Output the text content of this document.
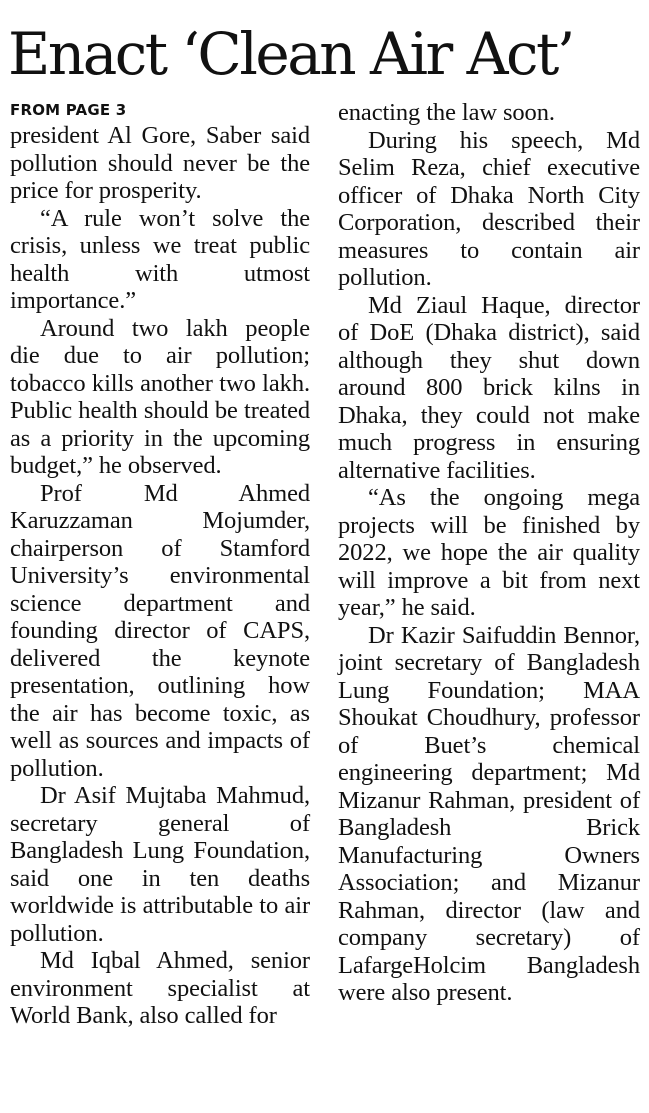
Enact ‘Clean Air Act’
FROM PAGE 3

president Al Gore, Saber said pollution should never be the price for prosperity.

“A rule won’t solve the crisis, unless we treat public health with utmost importance.”

Around two lakh people die due to air pollution; tobacco kills another two lakh. Public health should be treated as a priority in the upcoming budget,” he observed.

Prof Md Ahmed Karuzzaman Mojumder, chairperson of Stamford University’s environmental science department and founding director of CAPS, delivered the keynote presentation, outlining how the air has become toxic, as well as sources and impacts of pollution.

Dr Asif Mujtaba Mahmud, secretary general of Bangladesh Lung Foundation, said one in ten deaths worldwide is attributable to air pollution.

Md Iqbal Ahmed, senior environment specialist at World Bank, also called for

enacting the law soon.

During his speech, Md Selim Reza, chief executive officer of Dhaka North City Corporation, described their measures to contain air pollution.

Md Ziaul Haque, director of DoE (Dhaka district), said although they shut down around 800 brick kilns in Dhaka, they could not make much progress in ensuring alternative facilities.

“As the ongoing mega projects will be finished by 2022, we hope the air quality will improve a bit from next year,” he said.

Dr Kazir Saifuddin Bennor, joint secretary of Bangladesh Lung Foundation; MAA Shoukat Choudhury, professor of Buet’s chemical engineering department; Md Mizanur Rahman, president of Bangladesh Brick Manufacturing Owners Association; and Mizanur Rahman, director (law and company secretary) of LafargeHolcim Bangladesh were also present.
